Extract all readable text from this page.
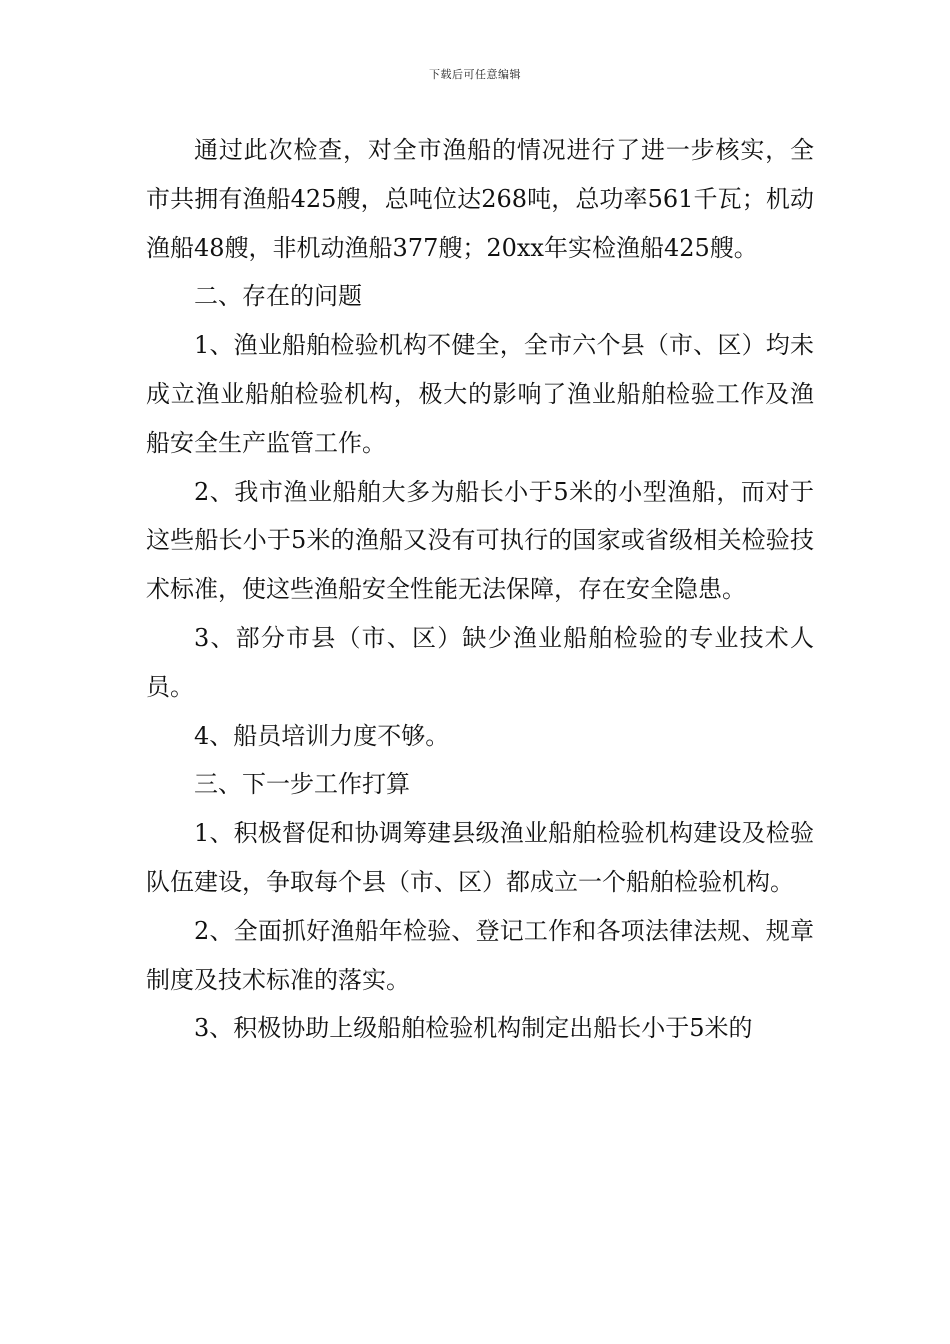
下载后可任意编辑

通过此次检查，对全市渔船的情况进行了进一步核实，全市共拥有渔船425艘，总吨位达268吨，总功率561千瓦；机动渔船48艘，非机动渔船377艘；20xx年实检渔船425艘。

二、存在的问题

1、渔业船舶检验机构不健全，全市六个县（市、区）均未成立渔业船舶检验机构，极大的影响了渔业船舶检验工作及渔船安全生产监管工作。

2、我市渔业船舶大多为船长小于5米的小型渔船，而对于这些船长小于5米的渔船又没有可执行的国家或省级相关检验技术标准，使这些渔船安全性能无法保障，存在安全隐患。

3、部分市县（市、区）缺少渔业船舶检验的专业技术人员。

4、船员培训力度不够。

三、下一步工作打算

1、积极督促和协调筹建县级渔业船舶检验机构建设及检验队伍建设，争取每个县（市、区）都成立一个船舶检验机构。

2、全面抓好渔船年检验、登记工作和各项法律法规、规章制度及技术标准的落实。

3、积极协助上级船舶检验机构制定出船长小于5米的
